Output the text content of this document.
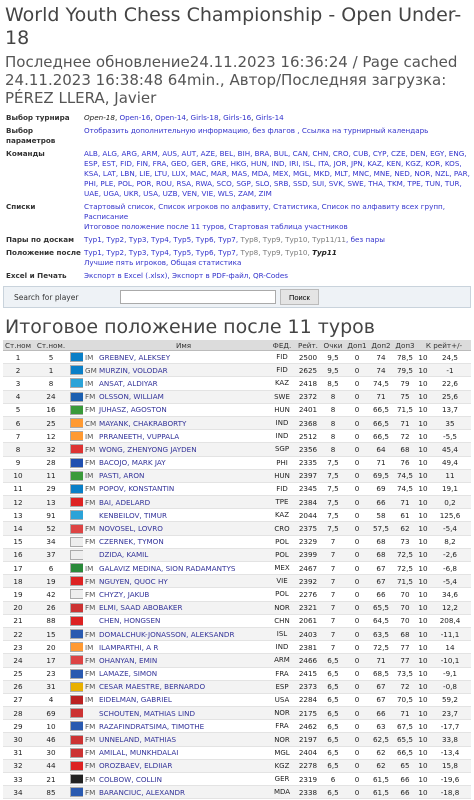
World Youth Chess Championship - Open Under-18
Последнее обновление24.11.2023 16:36:24 / Page cached 24.11.2023 16:38:48 64min., Автор/Последняя загрузка: PÉREZ LLERA, Javier
Выбор турнира	Open-18, Open-16, Open-14, Girls-18, Girls-16, Girls-14
Выбор параметров	Отобразить дополнительную информацию, без флагов , Ссылка на турнирный календарь
Команды	ALB, ALG, ARG, ARM, AUS, AUT, AZE, BEL, BIH, BRA, BUL, CAN, CHN, CRO, CUB, CYP, CZE, DEN, EGY, ENG, ESP, EST, FID, FIN, FRA, GEO, GER, GRE, HKG, HUN, IND, IRI, ISL, ITA, JOR, JPN, KAZ, KEN, KGZ, KOR, KOS, KSA, LAT, LBN, LIE, LTU, LUX, MAC, MAR, MAS, MDA, MEX, MGL, MKD, MLT, MNC, MNE, NED, NOR, NZL, PAR, PHI, PLE, POL, POR, ROU, RSA, RWA, SCO, SGP, SLO, SRB, SSD, SUI, SVK, SWE, THA, TKM, TPE, TUN, TUR, UAE, UGA, UKR, USA, UZB, VEN, VIE, WLS, ZAM, ZIM
Списки	Стартовый список, Список игроков по алфавиту, Статистика, Список по алфавиту всех групп, Расписание
Итоговое положение после 11 туров, Стартовая таблица участников
Пары по доскам	Тур1, Тур2, Тур3, Тур4, Тур5, Тур6, Тур7, Тур8, Тур9, Тур10, Тур11/11, без пары
Положение после	Тур1, Тур2, Тур3, Тур4, Тур5, Тур6, Тур7, Тур8, Тур9, Тур10, Тур11
Лучшие пять игроков, Общая статистика
Excel и Печать	Экспорт в Excel (.xlsx), Экспорт в PDF-файл, QR-Codes
Search for player	Поиск
Итоговое положение после 11 туров
Ст.ном	Ст.ном.			Имя	ФЕД.	Рейт.	Очки	Доп1	Доп2	Доп3	К рейт+/-	
1	5		IM	GREBNEV, ALEKSEY	FID	2500	9,5	0	74	78,5	10	24,5
2	1		GM	MURZIN, VOLODAR	FID	2625	9,5	0	74	79,5	10	-1
3	8		IM	ANSAT, ALDIYAR	KAZ	2418	8,5	0	74,5	79	10	22,6
4	24		FM	OLSSON, WILLIAM	SWE	2372	8	0	71	75	10	25,6
5	16		FM	JUHASZ, AGOSTON	HUN	2401	8	0	66,5	71,5	10	13,7
6	25		CM	MAYANK, CHAKRABORTY	IND	2368	8	0	66,5	71	10	35
7	12		IM	PRRANEETH, VUPPALA	IND	2512	8	0	66,5	72	10	-5,5
8	32		FM	WONG, ZHENYONG JAYDEN	SGP	2356	8	0	64	68	10	45,4
9	28		FM	BACOJO, MARK JAY	PHI	2335	7,5	0	71	76	10	49,4
10	11		IM	PASTI, ARON	HUN	2397	7,5	0	69,5	74,5	10	11
11	29		FM	POPOV, KONSTANTIN	FID	2345	7,5	0	69	74,5	10	19,1
12	13		FM	BAI, ADELARD	TPE	2384	7,5	0	66	71	10	0,2
13	91			KENBEILOV, TIMUR	KAZ	2044	7,5	0	58	61	10	125,6
14	52		FM	NOVOSEL, LOVRO	CRO	2375	7,5	0	57,5	62	10	-5,4
15	34		FM	CZERNEK, TYMON	POL	2329	7	0	68	73	10	8,2
16	37			DZIDA, KAMIL	POL	2399	7	0	68	72,5	10	-2,6
17	6		IM	GALAVIZ MEDINA, SION RADAMANTYS	MEX	2467	7	0	67	72,5	10	-6,8
18	19		FM	NGUYEN, QUOC HY	VIE	2392	7	0	67	71,5	10	-5,4
19	42		FM	CHYZY, JAKUB	POL	2276	7	0	66	70	10	34,6
20	26		FM	ELMI, SAAD ABOBAKER	NOR	2321	7	0	65,5	70	10	12,2
21	88			CHEN, HONGSEN	CHN	2061	7	0	64,5	70	10	208,4
22	15		FM	DOMALCHUK-JONASSON, ALEKSANDR	ISL	2403	7	0	63,5	68	10	-11,1
23	20		IM	ILAMPARTHI, A R	IND	2381	7	0	72,5	77	10	14
24	17		FM	OHANYAN, EMIN	ARM	2466	6,5	0	71	77	10	-10,1
25	23		FM	LAMAZE, SIMON	FRA	2415	6,5	0	68,5	73,5	10	-9,1
26	31		FM	CESAR MAESTRE, BERNARDO	ESP	2373	6,5	0	67	72	10	-0,8
27	4		IM	EIDELMAN, GABRIEL	USA	2284	6,5	0	67	70,5	10	59,2
28	69			SCHOUTEN, MATHIAS LIND	NOR	2175	6,5	0	66	71	10	23,7
29	10		FM	RAZAFINDRATSIMA, TIMOTHE	FRA	2462	6,5	0	63	67,5	10	-17,7
30	46		FM	UNNELAND, MATHIAS	NOR	2197	6,5	0	62,5	65,5	10	33,8
31	30		FM	AMILAL, MUNKHDALAI	MGL	2404	6,5	0	62	66,5	10	-13,4
32	44		FM	OROZBAEV, ELDIIAR	KGZ	2278	6,5	0	62	65	10	15,8
33	21		FM	COLBOW, COLLIN	GER	2319	6	0	61,5	66	10	-19,6
34	85		FM	BARANCIUC, ALEXANDR	MDA	2338	6,5	0	61,5	66	10	-18,8
